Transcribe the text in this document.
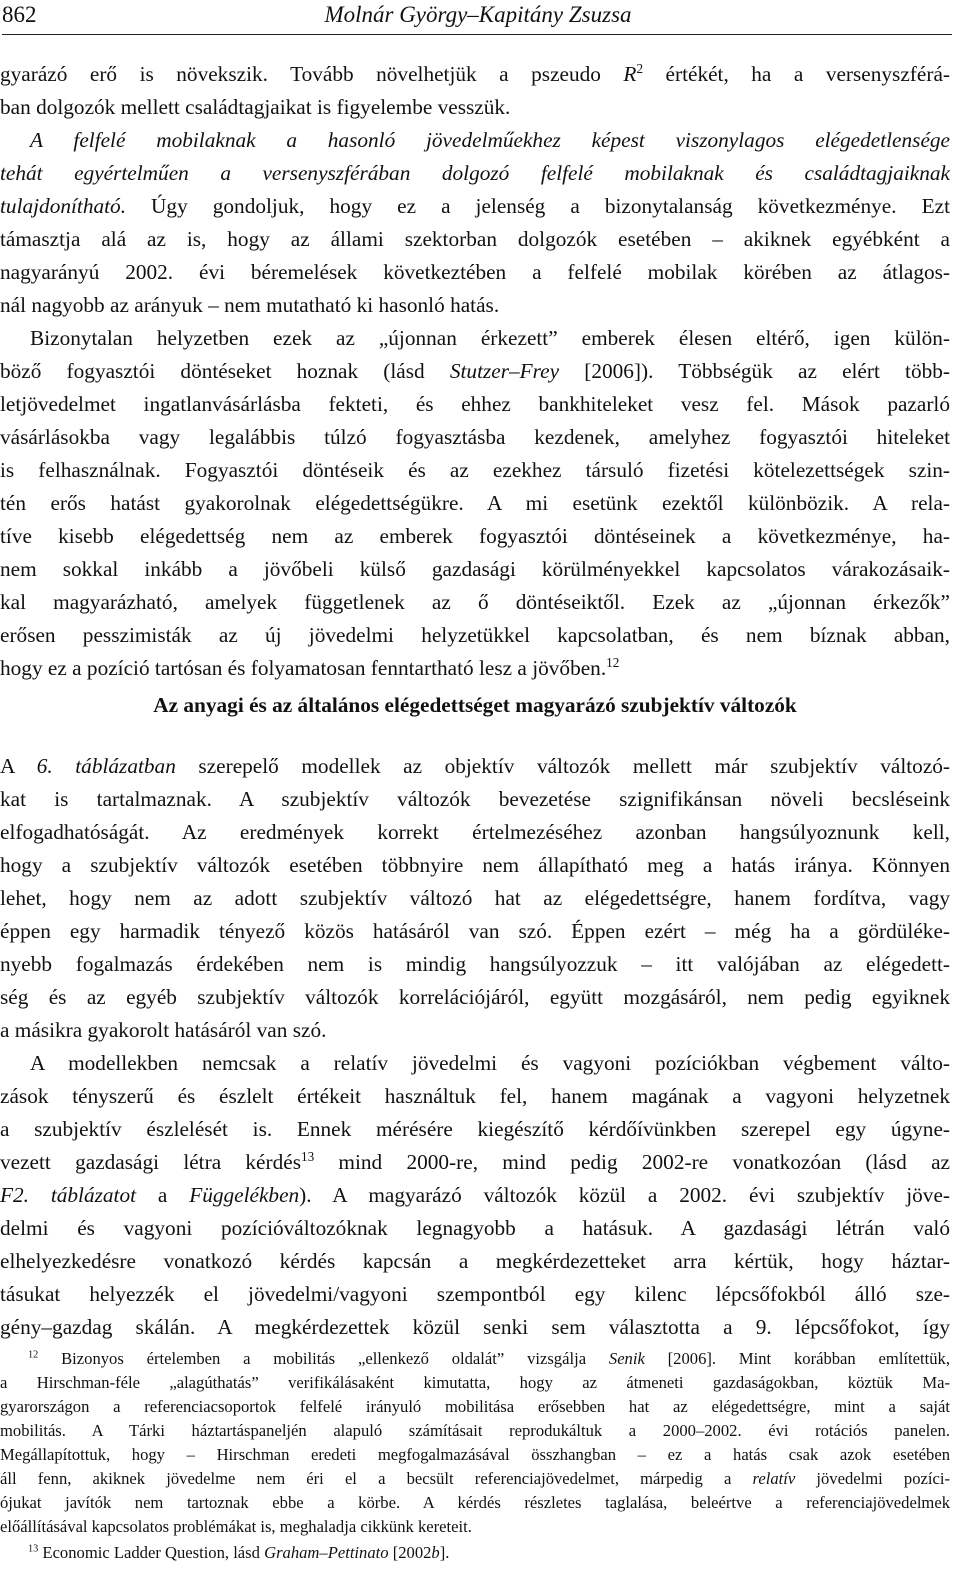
862	Molnár György–Kapitány Zsuzsa
gyarázó erő is növekszik. Tovább növelhetjük a pszeudo $R^2$ értékét, ha a versenyszférá-
ban dolgozók mellett családtagjaikat is figyelembe vesszük.
A felfelé mobilaknak a hasonló jövedelműekhez képest viszonylagos elégedetlensége
tehát egyértelműen a versenyszférában dolgozó felfelé mobilaknak és családtagjaiknak
tulajdonítható. Úgy gondoljuk, hogy ez a jelenség a bizonytalanság következménye. Ezt
támasztja alá az is, hogy az állami szektorban dolgozók esetében – akiknek egyébként a
nagyarányú 2002. évi béremelések következtében a felfelé mobilak körében az átlagos-
nál nagyobb az arányuk – nem mutatható ki hasonló hatás.
Bizonytalan helyzetben ezek az „újonnan érkezett” emberek élesen eltérő, igen külön-
böző fogyasztói döntéseket hoznak (lásd Stutzer–Frey [2006]). Többségük az elért több-
letjövedelmet ingatlanvásárlásba fekteti, és ehhez bankhiteleket vesz fel. Mások pazarló
vásárlásokba vagy legalábbis túlzó fogyasztásba kezdenek, amelyhez fogyasztói hiteleket
is felhasználnak. Fogyasztói döntéseik és az ezekhez társuló fizetési kötelezettségek szin-
tén erős hatást gyakorolnak elégedettségükre. A mi esetünk ezektől különbözik. A rela-
tíve kisebb elégedettség nem az emberek fogyasztói döntéseinek a következménye, ha-
nem sokkal inkább a jövőbeli külső gazdasági körülményekkel kapcsolatos várakozásaik-
kal magyarázható, amelyek függetlenek az ő döntéseiktől. Ezek az „újonnan érkezők”
erősen pesszimisták az új jövedelmi helyzetükkel kapcsolatban, és nem bíznak abban,
hogy ez a pozíció tartósan és folyamatosan fenntartható lesz a jövőben.$^{12}$
Az anyagi és az általános elégedettséget magyarázó szubjektív változók
A 6. táblázatban szerepelő modellek az objektív változók mellett már szubjektív változó-
kat is tartalmaznak. A szubjektív változók bevezetése szignifikánsan növeli becsléseink
elfogadhatóságát. Az eredmények korrekt értelmezéséhez azonban hangsúlyoznunk kell,
hogy a szubjektív változók esetében többnyire nem állapítható meg a hatás iránya. Könnyen
lehet, hogy nem az adott szubjektív változó hat az elégedettségre, hanem fordítva, vagy
éppen egy harmadik tényező közös hatásáról van szó. Éppen ezért – még ha a gördüléke-
nyebb fogalmazás érdekében nem is mindig hangsúlyozzuk – itt valójában az elégedett-
ség és az egyéb szubjektív változók korrelációjáról, együtt mozgásáról, nem pedig egyiknek
a másikra gyakorolt hatásáról van szó.
A modellekben nemcsak a relatív jövedelmi és vagyoni pozíciókban végbement válto-
zások tényszerű és észlelt értékeit használtuk fel, hanem magának a vagyoni helyzetnek
a szubjektív észlelését is. Ennek mérésére kiegészítő kérdőívünkben szerepel egy úgyne-
vezett gazdasági létra kérdés$^{13}$ mind 2000-re, mind pedig 2002-re vonatkozóan (lásd az
F2. táblázatot a Függelékben). A magyarázó változók közül a 2002. évi szubjektív jöve-
delmi és vagyoni pozícióváltozóknak legnagyobb a hatásuk. A gazdasági létrán való
elhelyezkedésre vonatkozó kérdés kapcsán a megkérdezetteket arra kértük, hogy háztar-
tásukat helyezzék el jövedelmi/vagyoni szempontból egy kilenc lépcsőfokból álló sze-
gény–gazdag skálán. A megkérdezettek közül senki sem választotta a 9. lépcsőfokot, így
$^{12}$ Bizonyos értelemben a mobilitás „ellenkező oldalát” vizsgálja Senik [2006]. Mint korábban említettük,
a Hirschman-féle „alagúthatás” verifikálásaként kimutatta, hogy az átmeneti gazdaságokban, köztük Ma-
gyarországon a referenciacsoportok felfelé irányuló mobilitása erősebben hat az elégedettségre, mint a saját
mobilitás. A Tárki háztartáspaneljén alapuló számításait reprodukáltuk a 2000–2002. évi rotációs panelen.
Megállapítottuk, hogy – Hirschman eredeti megfogalmazásával összhangban – ez a hatás csak azok esetében
áll fenn, akiknek jövedelme nem éri el a becsült referenciajövedelmet, márpedig a relatív jövedelmi pozíci-
ójukat javítók nem tartoznak ebbe a körbe. A kérdés részletes taglalása, beleértve a referenciajövedelmek
előállításával kapcsolatos problémákat is, meghaladja cikkünk kereteit.
$^{13}$ Economic Ladder Question, lásd Graham–Pettinato [2002b].
